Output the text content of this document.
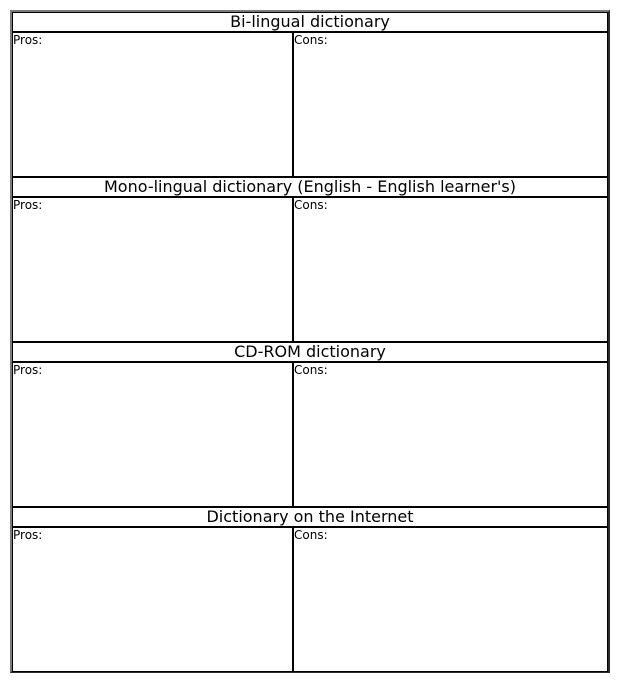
Bi-lingual dictionary	
Pros:	Cons:
Mono-lingual dictionary (English - English learner's)	
Pros:	Cons:
CD-ROM dictionary	
Pros:	Cons:
Dictionary on the Internet	
Pros:	Cons:
